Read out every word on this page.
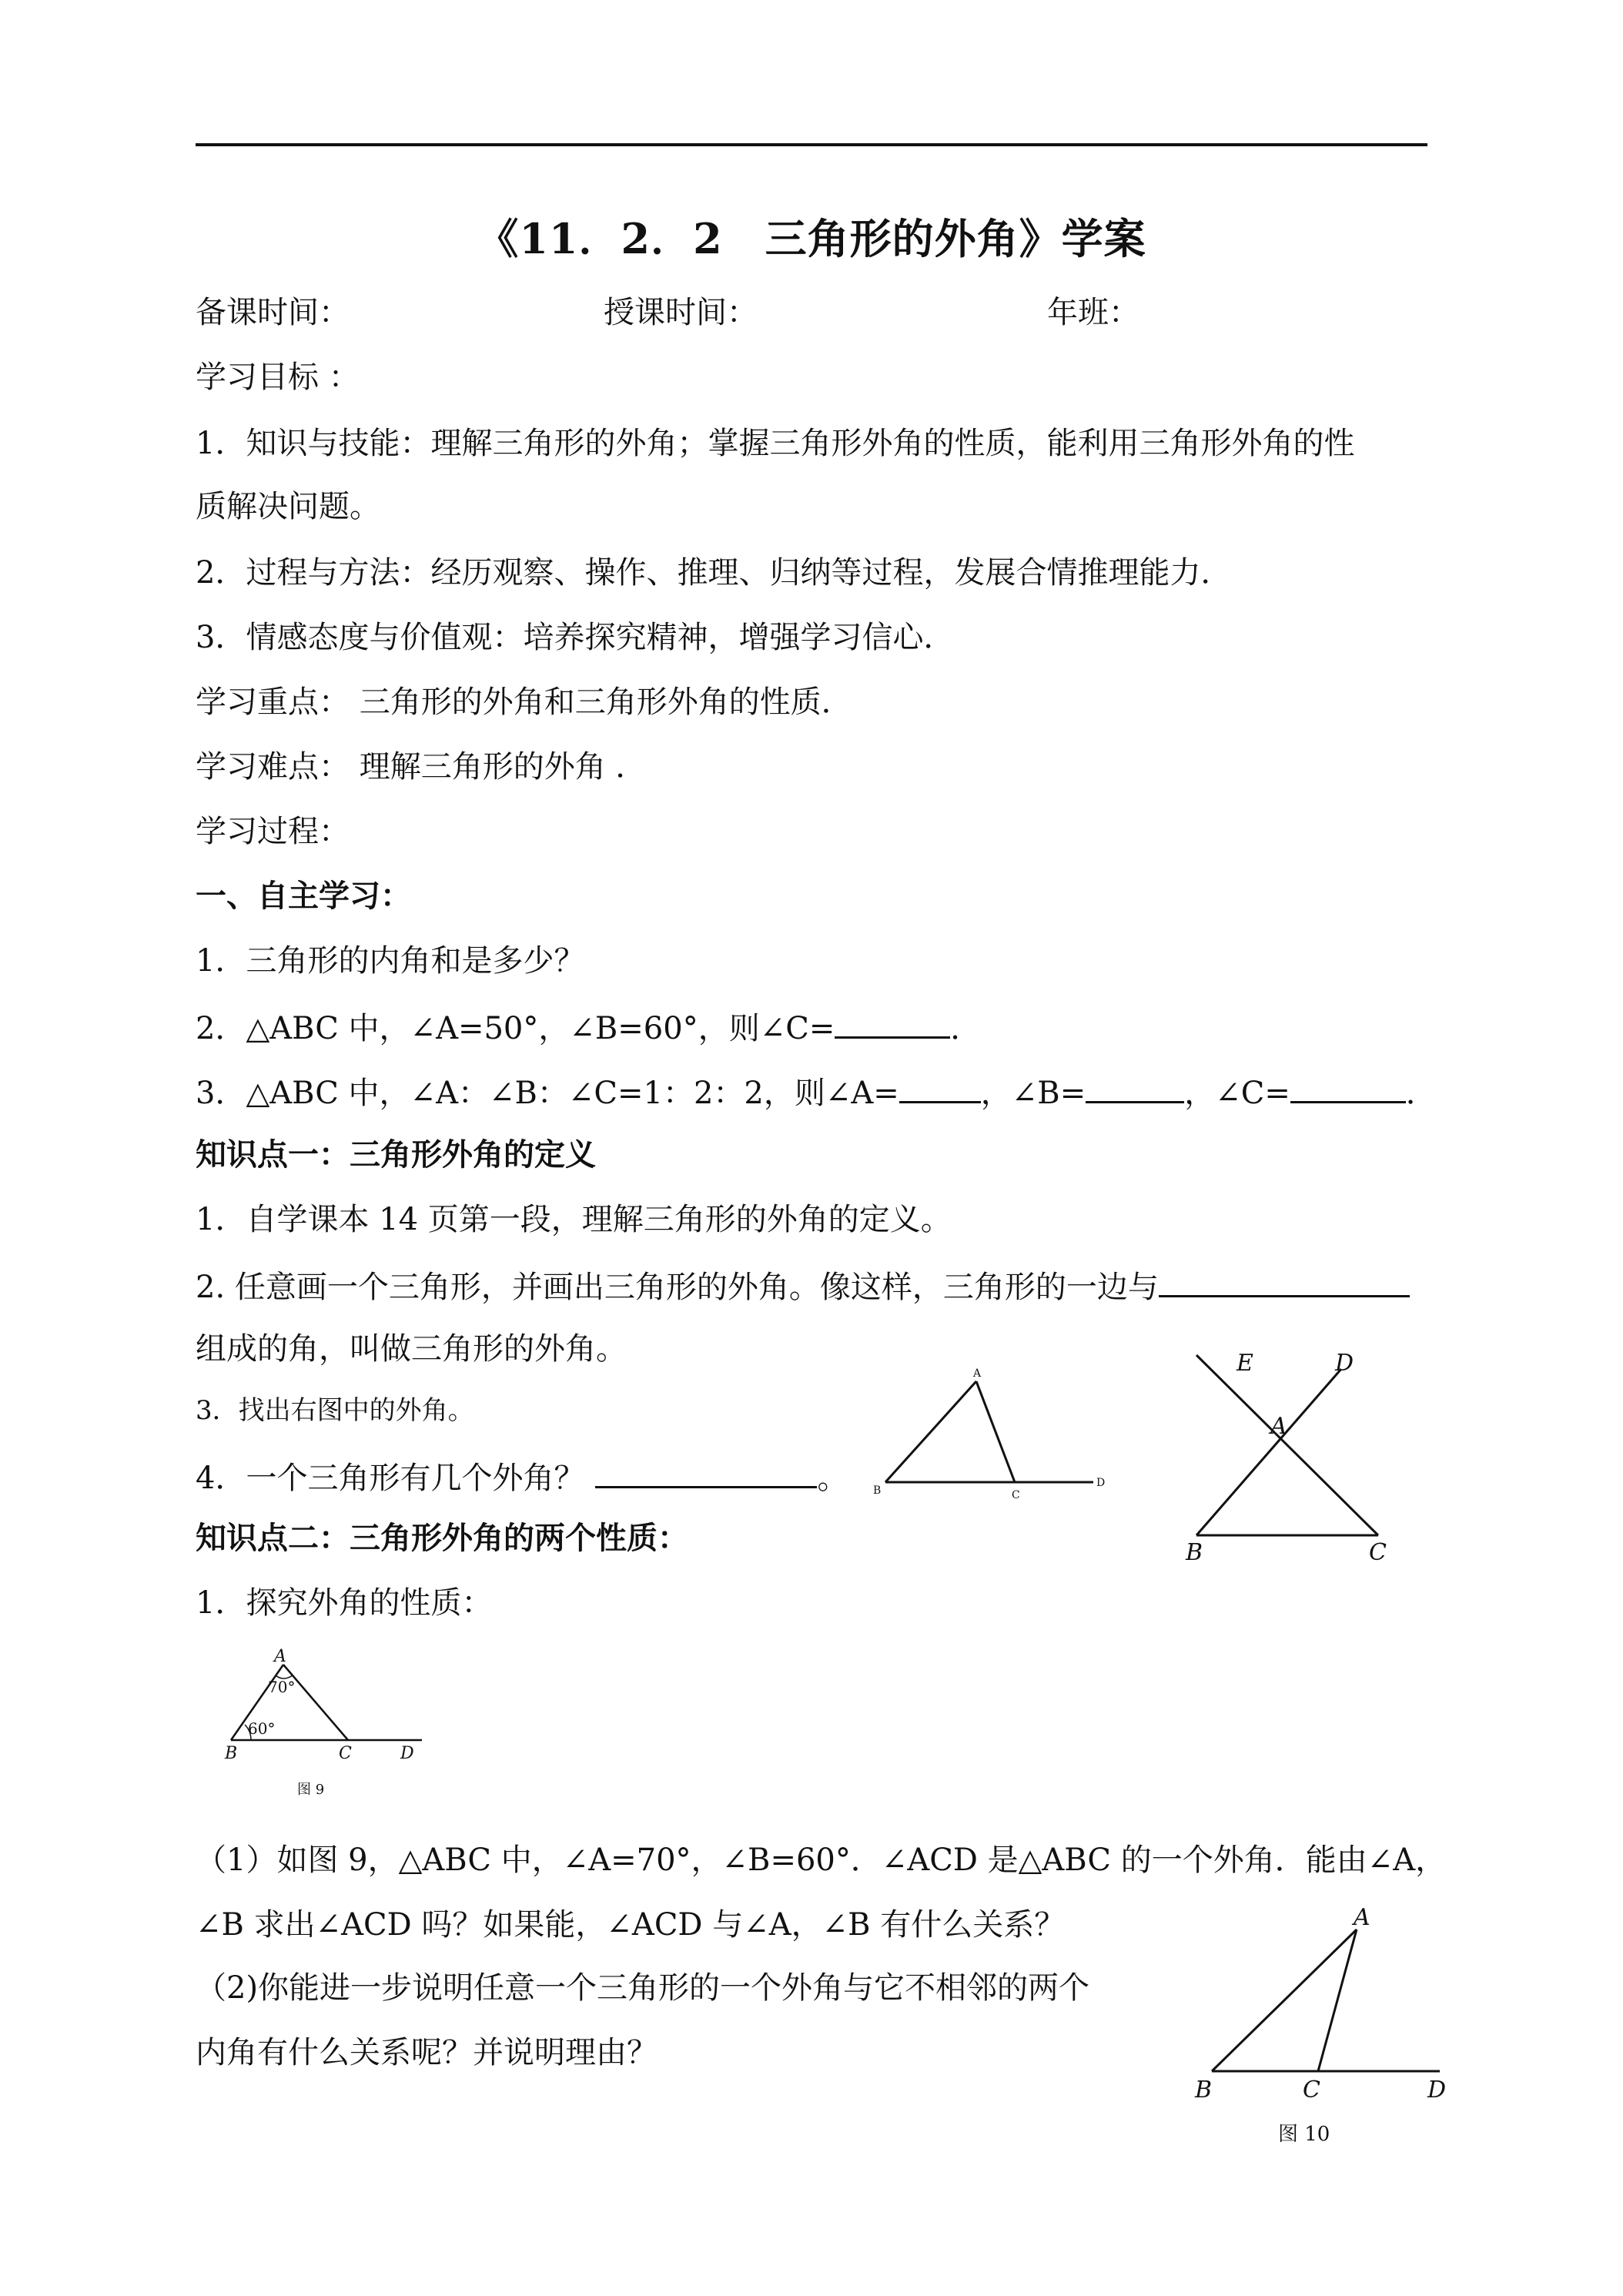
《11．2．2　三角形的外角》学案
备课时间：	授课时间：	年班：
学习目标 ：
1．知识与技能：理解三角形的外角；掌握三角形外角的性质，能利用三角形外角的性
质解决问题。
2．过程与方法：经历观察、操作、推理、归纳等过程，发展合情推理能力．
3．情感态度与价值观：培养探究精神，增强学习信心．
学习重点： 三角形的外角和三角形外角的性质．
学习难点： 理解三角形的外角 ．
学习过程：
一、自主学习：
1．三角形的内角和是多少？
2．△ABC 中，∠A=50°，∠B=60°，则∠C=	．
3．△ABC 中，∠A：∠B：∠C=1：2：2，则∠A=	，∠B=	，∠C=	．
知识点一：三角形外角的定义
1．自学课本 14 页第一段，理解三角形的外角的定义。
2. 任意画一个三角形，并画出三角形的外角。像这样，三角形的一边与
组成的角，叫做三角形的外角。
3．找出右图中的外角。
4．一个三角形有几个外角？	。
知识点二：三角形外角的两个性质：
1．探究外角的性质：
（1）如图 9，△ABC 中，∠A=70°，∠B=60°．∠ACD 是△ABC 的一个外角．能由∠A，
∠B 求出∠ACD 吗？如果能，∠ACD 与∠A，∠B 有什么关系？
（2)你能进一步说明任意一个三角形的一个外角与它不相邻的两个
内角有什么关系呢？并说明理由？
A
B	C
D
E	D
A
B	C
A
70°
60°
B	C	D
图 9
A
B	C	D
图 10
